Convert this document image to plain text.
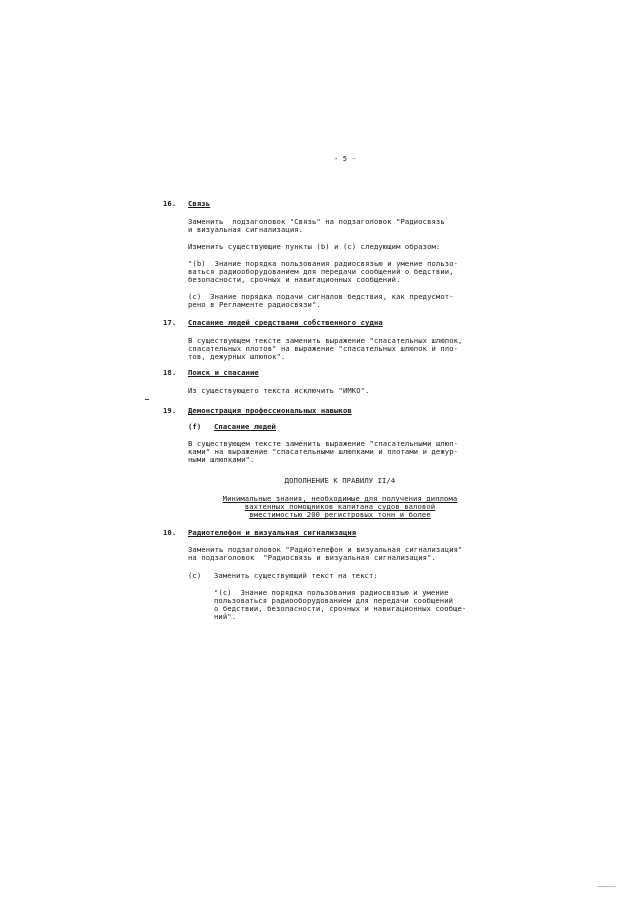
- 5 -
16. Связь
Заменить  подзаголовок "Связь" на подзаголовок "Радиосвязь
и визуальная сигнализация.
Изменить существующие пункты (b) и (c) следующим образом:
"(b)  Знание порядка пользования радиосвязью и умение пользо-
ваться радиооборудованием для передачи сообщений о бедствии,
безопасности, срочных и навигационных сообщений.
(c)  Знание порядка подачи сигналов бедствия, как предусмот-
рено в Регламенте радиосвязи".
17. Спасание людей средствами собственного судна
В существующем тексте заменить выражение "спасательных шлюпок,
спасательных плотов" на выражение "спасательных шлюпок и пло-
тов, дежурных шлюпок".
18. Поиск и спасание
Из существующего текста исключить "ИМКО".
19. Демонстрация профессиональных навыков
(f) Спасание людей
В существующем тексте заменить выражение "спасательными шлюп-
ками" на выражение "спасательными шлюпками и плотами и дежур-
ными шлюпками".
ДОПОЛНЕНИЕ К ПРАВИЛУ II/4
Минимальные знания, необходимые для получения диплома
вахтенных помощников капитана судов валовой
вместимостью 200 регистровых тонн и более
10. Радиотелефон и визуальная сигнализация
Заменить подзаголовок "Радиотелефон и визуальная сигнализация"
на подзаголовок  "Радиосвязь и визуальная сигнализация".
(c) Заменить существующий текст на текст:
"(c)  Знание порядка пользования радиосвязью и умение
пользоваться радиооборудованием для передачи сообщений
о бедствии, безопасности, срочных и навигационных сообще-
ний".
